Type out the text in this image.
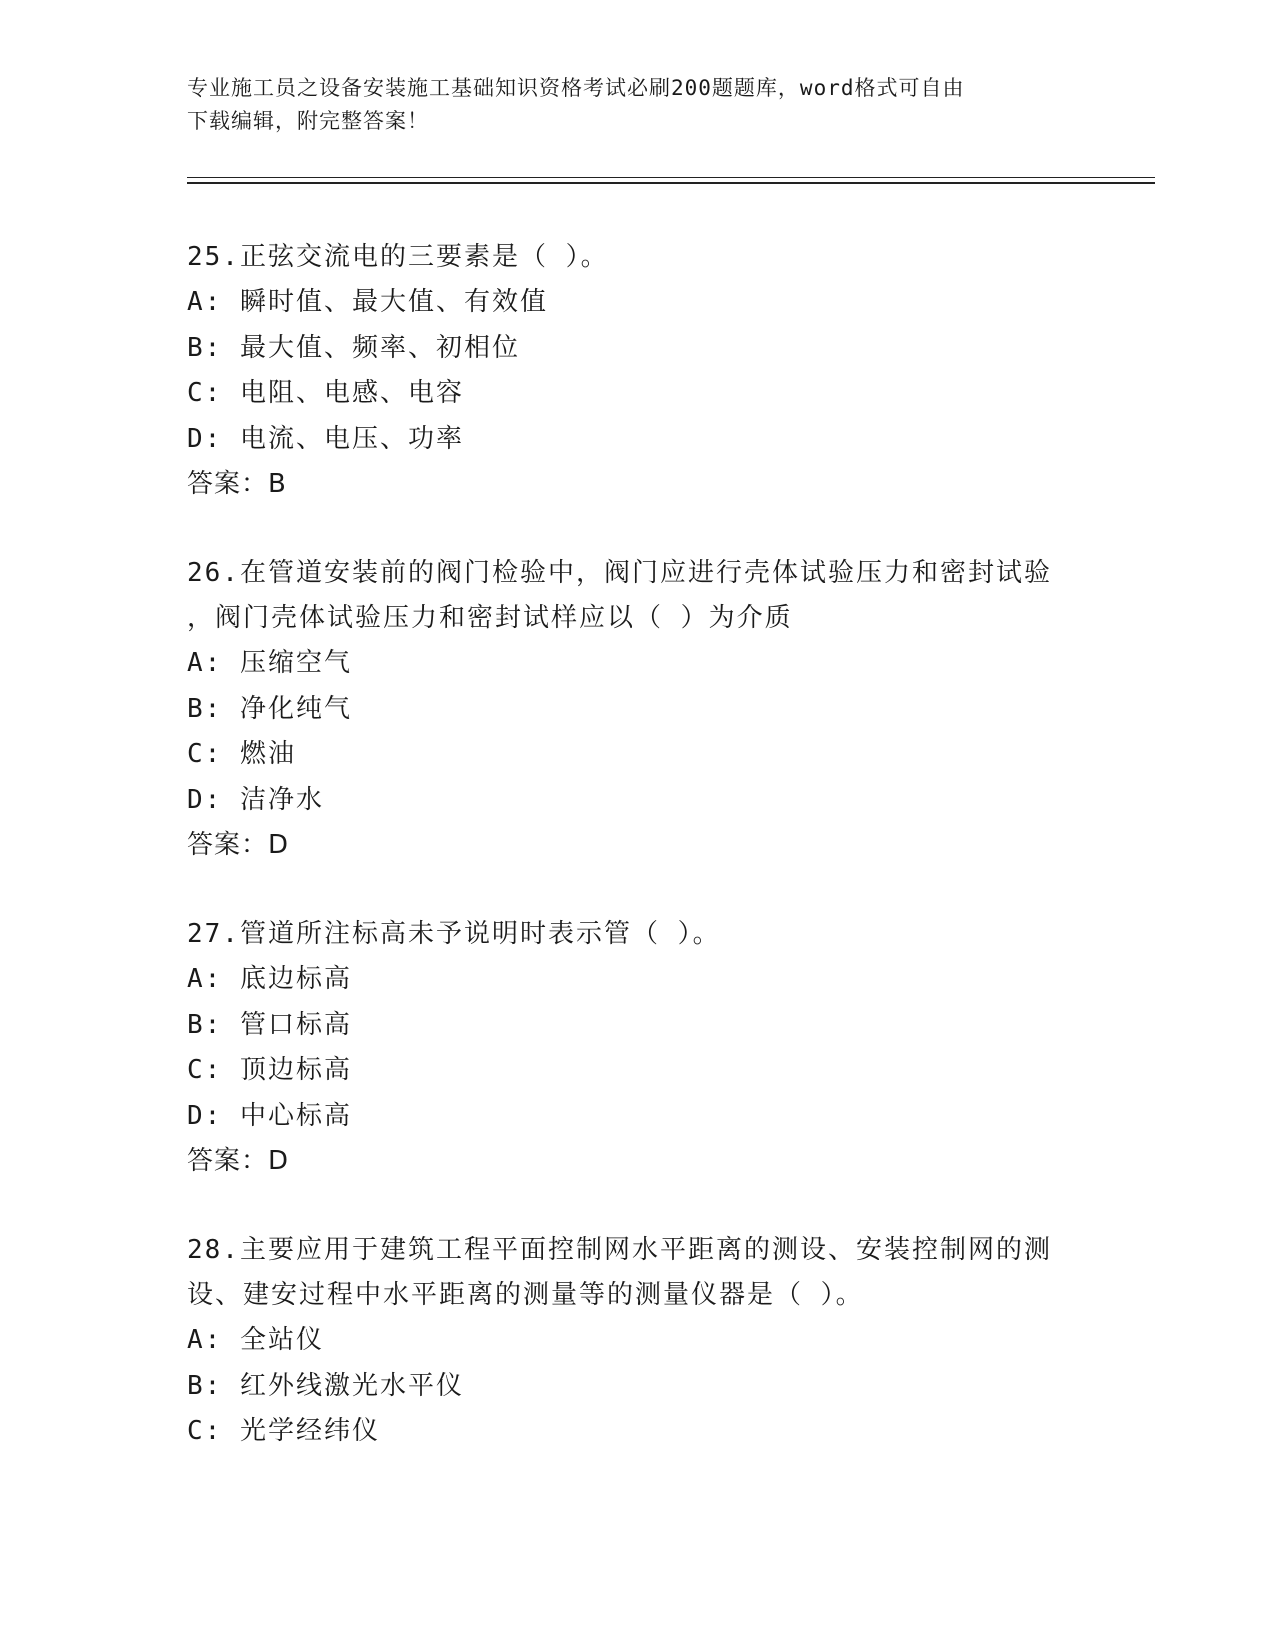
专业施工员之设备安装施工基础知识资格考试必刷200题题库，word格式可自由
下载编辑，附完整答案！
25.正弦交流电的三要素是（ ）。
A: 瞬时值、最大值、有效值
B: 最大值、频率、初相位
C: 电阻、电感、电容
D: 电流、电压、功率
答案：B
26.在管道安装前的阀门检验中，阀门应进行壳体试验压力和密封试验
，阀门壳体试验压力和密封试样应以（ ）为介质
A: 压缩空气
B: 净化纯气
C: 燃油
D: 洁净水
答案：D
27.管道所注标高未予说明时表示管（ ）。
A: 底边标高
B: 管口标高
C: 顶边标高
D: 中心标高
答案：D
28.主要应用于建筑工程平面控制网水平距离的测设、安装控制网的测
设、建安过程中水平距离的测量等的测量仪器是（ ）。
A: 全站仪
B: 红外线激光水平仪
C: 光学经纬仪
